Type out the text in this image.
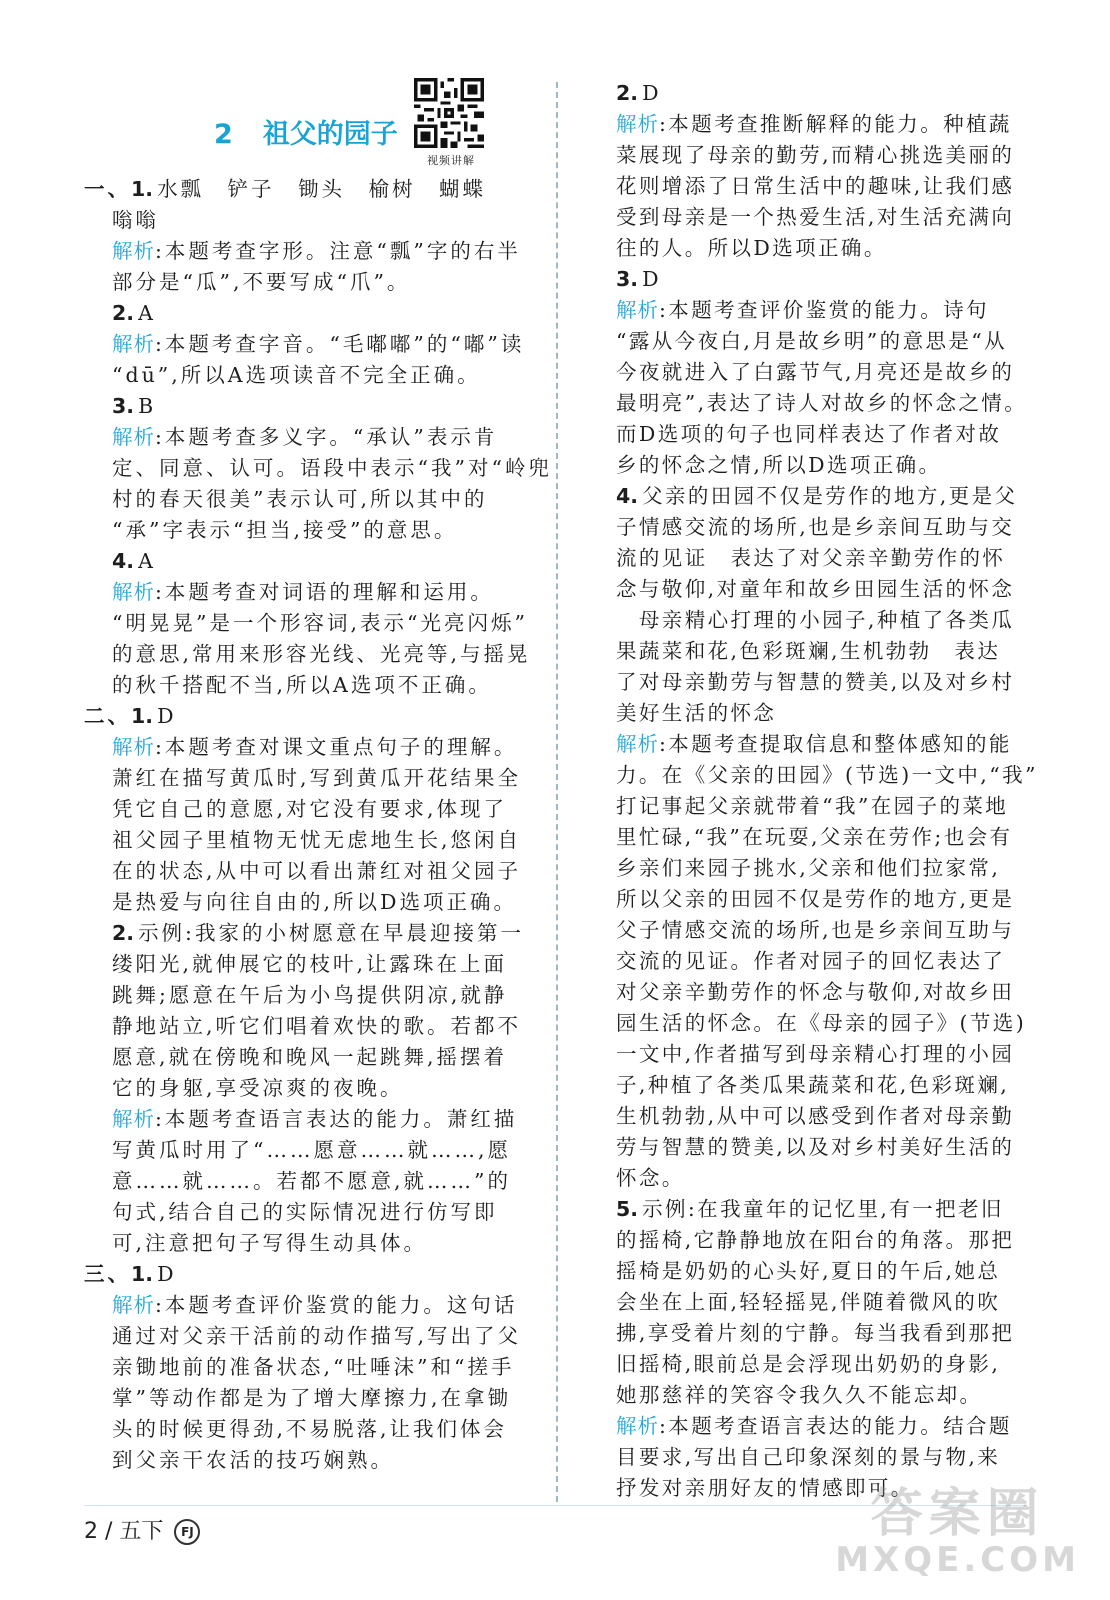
2 祖父的园子
视频讲解
一、1. 水瓢　铲子　锄头　榆树　蝴蝶
嗡嗡
解析:本题考查字形。注意“瓢”字的右半
部分是“瓜”,不要写成“爪”。
2. A
解析:本题考查字音。“毛嘟嘟”的“嘟”读
“dū”,所以A选项读音不完全正确。
3. B
解析:本题考查多义字。“承认”表示肯
定、同意、认可。语段中表示“我”对“岭兜
村的春天很美”表示认可,所以其中的
“承”字表示“担当,接受”的意思。
4. A
解析:本题考查对词语的理解和运用。
“明晃晃”是一个形容词,表示“光亮闪烁”
的意思,常用来形容光线、光亮等,与摇晃
的秋千搭配不当,所以A选项不正确。
二、1. D
解析:本题考查对课文重点句子的理解。
萧红在描写黄瓜时,写到黄瓜开花结果全
凭它自己的意愿,对它没有要求,体现了
祖父园子里植物无忧无虑地生长,悠闲自
在的状态,从中可以看出萧红对祖父园子
是热爱与向往自由的,所以D选项正确。
2. 示例:我家的小树愿意在早晨迎接第一
缕阳光,就伸展它的枝叶,让露珠在上面
跳舞;愿意在午后为小鸟提供阴凉,就静
静地站立,听它们唱着欢快的歌。若都不
愿意,就在傍晚和晚风一起跳舞,摇摆着
它的身躯,享受凉爽的夜晚。
解析:本题考查语言表达的能力。萧红描
写黄瓜时用了“……愿意……就……,愿
意……就……。若都不愿意,就……”的
句式,结合自己的实际情况进行仿写即
可,注意把句子写得生动具体。
三、1. D
解析:本题考查评价鉴赏的能力。这句话
通过对父亲干活前的动作描写,写出了父
亲锄地前的准备状态,“吐唾沫”和“搓手
掌”等动作都是为了增大摩擦力,在拿锄
头的时候更得劲,不易脱落,让我们体会
到父亲干农活的技巧娴熟。
2. D
解析:本题考查推断解释的能力。种植蔬
菜展现了母亲的勤劳,而精心挑选美丽的
花则增添了日常生活中的趣味,让我们感
受到母亲是一个热爱生活,对生活充满向
往的人。所以D选项正确。
3. D
解析:本题考查评价鉴赏的能力。诗句
“露从今夜白,月是故乡明”的意思是“从
今夜就进入了白露节气,月亮还是故乡的
最明亮”,表达了诗人对故乡的怀念之情。
而D选项的句子也同样表达了作者对故
乡的怀念之情,所以D选项正确。
4. 父亲的田园不仅是劳作的地方,更是父
子情感交流的场所,也是乡亲间互助与交
流的见证　表达了对父亲辛勤劳作的怀
念与敬仰,对童年和故乡田园生活的怀念
　母亲精心打理的小园子,种植了各类瓜
果蔬菜和花,色彩斑斓,生机勃勃　表达
了对母亲勤劳与智慧的赞美,以及对乡村
美好生活的怀念
解析:本题考查提取信息和整体感知的能
力。在《父亲的田园》(节选)一文中,“我”
打记事起父亲就带着“我”在园子的菜地
里忙碌,“我”在玩耍,父亲在劳作;也会有
乡亲们来园子挑水,父亲和他们拉家常,
所以父亲的田园不仅是劳作的地方,更是
父子情感交流的场所,也是乡亲间互助与
交流的见证。作者对园子的回忆表达了
对父亲辛勤劳作的怀念与敬仰,对故乡田
园生活的怀念。在《母亲的园子》(节选)
一文中,作者描写到母亲精心打理的小园
子,种植了各类瓜果蔬菜和花,色彩斑斓,
生机勃勃,从中可以感受到作者对母亲勤
劳与智慧的赞美,以及对乡村美好生活的
怀念。
5. 示例:在我童年的记忆里,有一把老旧
的摇椅,它静静地放在阳台的角落。那把
摇椅是奶奶的心头好,夏日的午后,她总
会坐在上面,轻轻摇晃,伴随着微风的吹
拂,享受着片刻的宁静。每当我看到那把
旧摇椅,眼前总是会浮现出奶奶的身影,
她那慈祥的笑容令我久久不能忘却。
解析:本题考查语言表达的能力。结合题
目要求,写出自己印象深刻的景与物,来
抒发对亲朋好友的情感即可。
2 / 五下 FJ	答案圈
MXQE.COM
